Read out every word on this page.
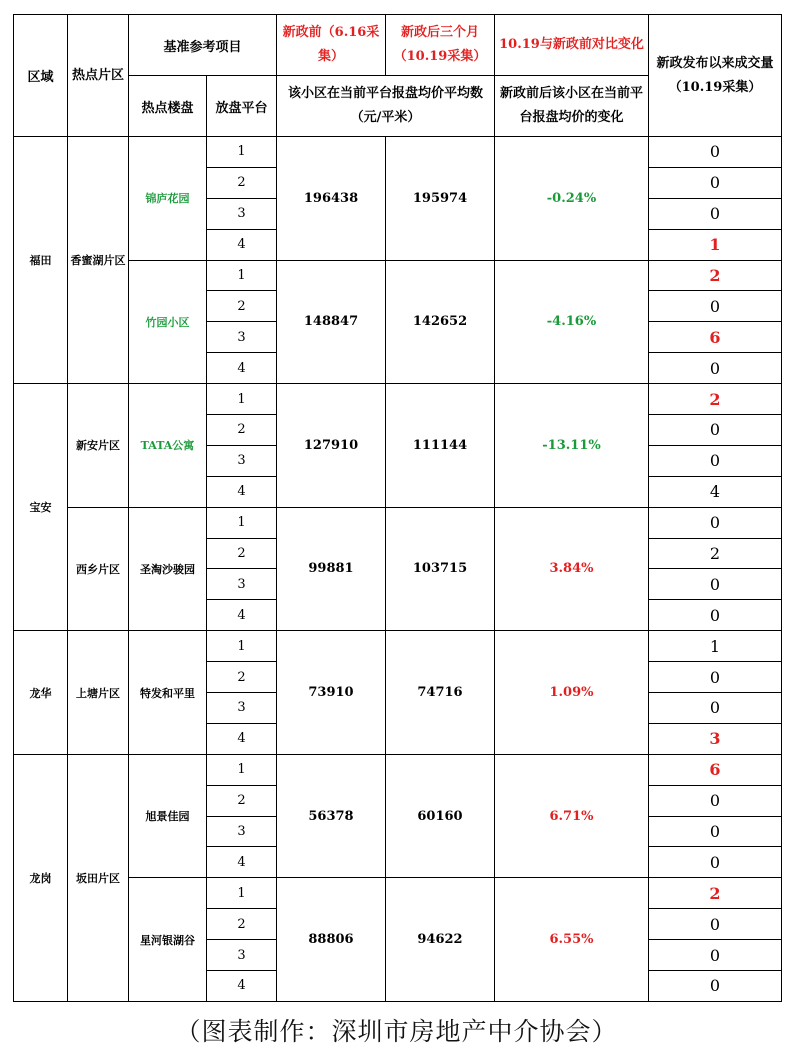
区域	热点片区	基准参考项目		新政前（6.16采集）	新政后三个月（10.19采集）	10.19与新政前对比变化	新政发布以来成交量（10.19采集）
		热点楼盘	放盘平台	该小区在当前平台报盘均价平均数（元/平米）		新政前后该小区在当前平台报盘均价的变化	
福田	香蜜湖片区	锦庐花园	1	196438	195974	-0.24%	0
			2				0
			3				0
			4				1
		竹园小区	1	148847	142652	-4.16%	2
			2				0
			3				6
			4				0
宝安	新安片区	TATA公寓	1	127910	111144	-13.11%	2
			2				0
			3				0
			4				4
	西乡片区	圣淘沙骏园	1	99881	103715	3.84%	0
			2				2
			3				0
			4				0
龙华	上塘片区	特发和平里	1	73910	74716	1.09%	1
			2				0
			3				0
			4				3
龙岗	坂田片区	旭景佳园	1	56378	60160	6.71%	6
			2				0
			3				0
			4				0
		星河银湖谷	1	88806	94622	6.55%	2
			2				0
			3				0
			4				0
（图表制作：深圳市房地产中介协会）
